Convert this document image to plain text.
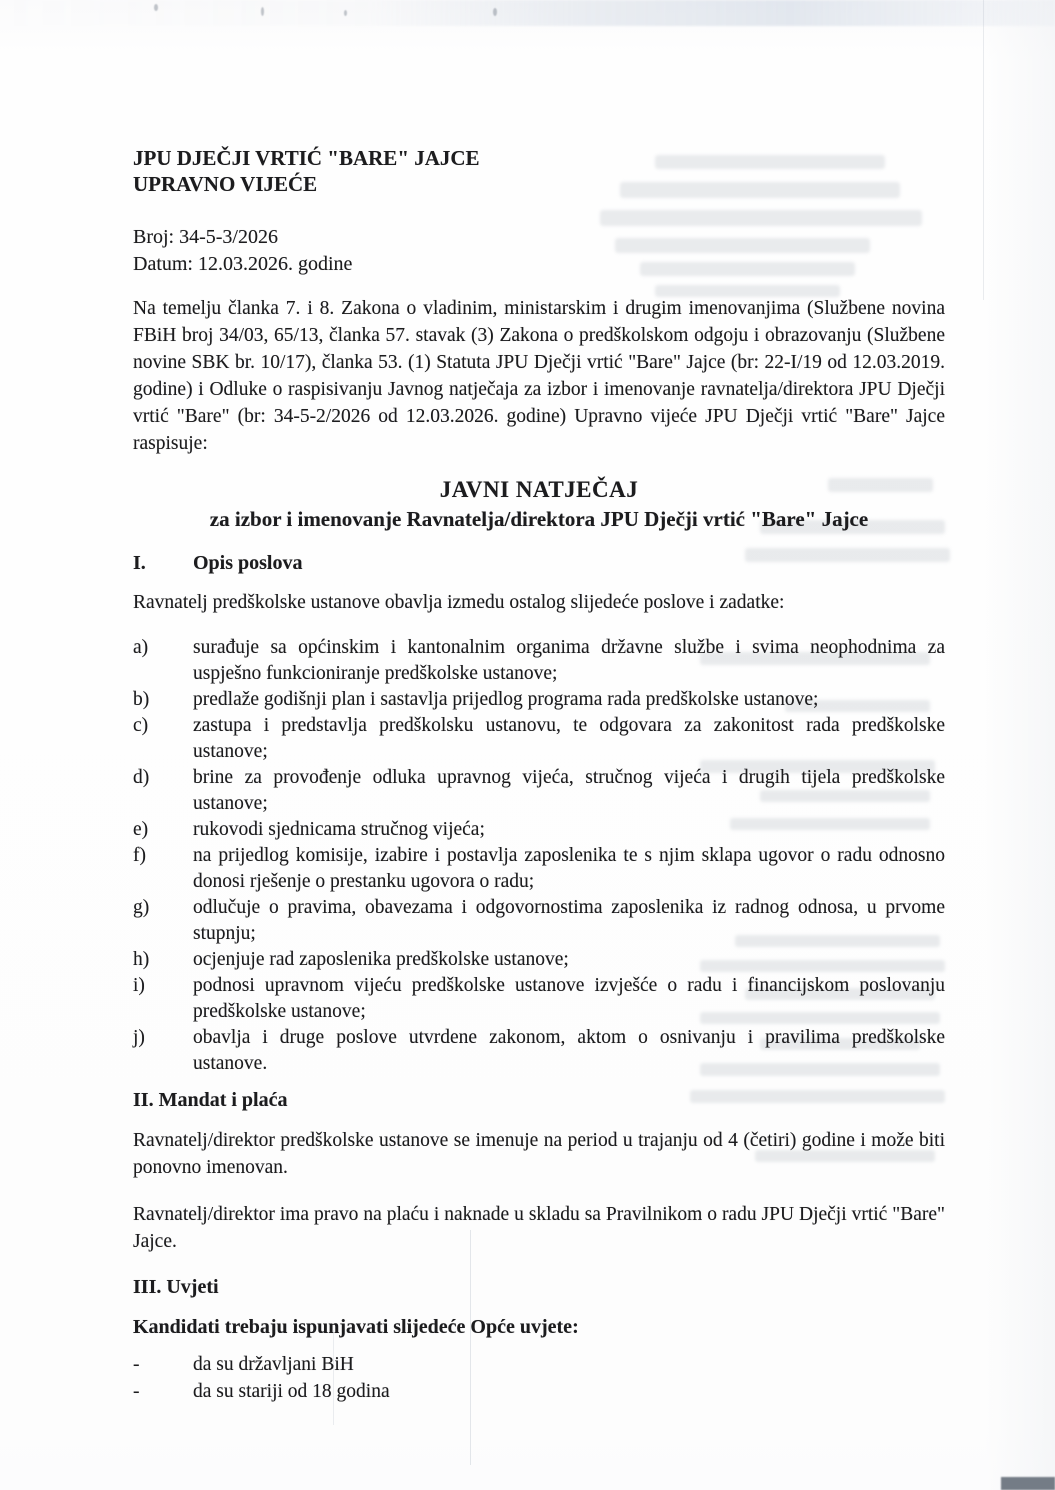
JPU DJEČJI VRTIĆ "BARE" JAJCE
UPRAVNO VIJEĆE
Broj: 34-5-3/2026
Datum: 12.03.2026. godine

Na temelju članka 7. i 8. Zakona o vladinim, ministarskim i drugim imenovanjima (Službene novina FBiH broj 34/03, 65/13, članka 57. stavak (3) Zakona o predškolskom odgoju i obrazovanju (Službene novine SBK br. 10/17), članka 53. (1) Statuta JPU Dječji vrtić "Bare" Jajce (br: 22-I/19 od 12.03.2019. godine) i Odluke o raspisivanju Javnog natječaja za izbor i imenovanje ravnatelja/direktora JPU Dječji vrtić "Bare" (br: 34-5-2/2026 od 12.03.2026. godine) Upravno vijeće JPU Dječji vrtić "Bare" Jajce raspisuje:

JAVNI NATJEČAJ
za izbor i imenovanje Ravnatelja/direktora JPU Dječji vrtić "Bare" Jajce
I. Opis poslova

Ravnatelj predškolske ustanove obavlja izmedu ostalog slijedeće poslove i zadatke:

a) surađuje sa općinskim i kantonalnim organima državne službe i svima neophodnima za uspješno funkcioniranje predškolske ustanove;
b) predlaže godišnji plan i sastavlja prijedlog programa rada predškolske ustanove;
c) zastupa i predstavlja predškolsku ustanovu, te odgovara za zakonitost rada predškolske ustanove;
d) brine za provođenje odluka upravnog vijeća, stručnog vijeća i drugih tijela predškolske ustanove;
e) rukovodi sjednicama stručnog vijeća;
f) na prijedlog komisije, izabire i postavlja zaposlenika te s njim sklapa ugovor o radu odnosno donosi rješenje o prestanku ugovora o radu;
g) odlučuje o pravima, obavezama i odgovornostima zaposlenika iz radnog odnosa, u prvome stupnju;
h) ocjenjuje rad zaposlenika predškolske ustanove;
i) podnosi upravnom vijeću predškolske ustanove izvješće o radu i financijskom poslovanju predškolske ustanove;
j) obavlja i druge poslove utvrdene zakonom, aktom o osnivanju i pravilima predškolske ustanove.
II. Mandat i plaća

Ravnatelj/direktor predškolske ustanove se imenuje na period u trajanju od 4 (četiri) godine i može biti ponovno imenovan.

Ravnatelj/direktor ima pravo na plaću i naknade u skladu sa Pravilnikom o radu JPU Dječji vrtić "Bare" Jajce.

III. Uvjeti
Kandidati trebaju ispunjavati slijedeće Opće uvjete:
-	da su državljani BiH
-	da su stariji od 18 godina
